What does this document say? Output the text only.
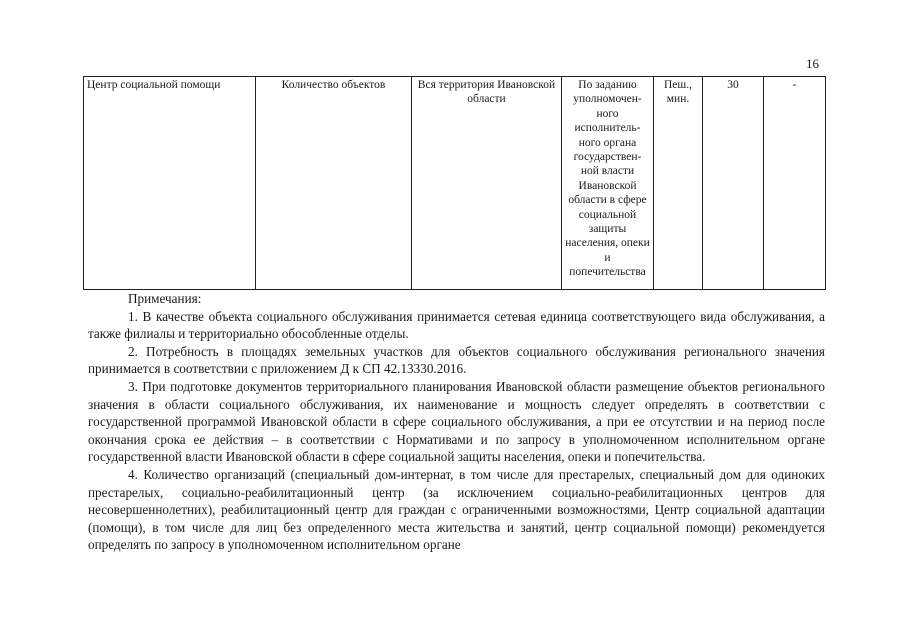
16
Центр социальной помощи	Количество объектов	Вся территория Ивановской области	По заданию уполномочен-ного исполнитель-ного органа государствен-ной власти Ивановской области в сфере социальной защиты населения, опеки и попечительства	Пеш., мин.	30	-
Примечания:

1. В качестве объекта социального обслуживания принимается сетевая единица соответствующего вида обслуживания, а также филиалы и территориально обособленные отделы.

2. Потребность в площадях земельных участков для объектов социального обслуживания регионального значения принимается в соответствии с приложением Д к СП 42.13330.2016.

3. При подготовке документов территориального планирования Ивановской области размещение объектов регионального значения в области социального обслуживания, их наименование и мощность следует определять в соответствии с государственной программой Ивановской области в сфере социального обслуживания, а при ее отсутствии и на период после окончания срока ее действия – в соответствии с Нормативами и по запросу в уполномоченном исполнительном органе государственной власти Ивановской области в сфере социальной защиты населения, опеки и попечительства.

4. Количество организаций (специальный дом-интернат, в том числе для престарелых, специальный дом для одиноких престарелых, социально-реабилитационный центр (за исключением социально-реабилитационных центров для несовершеннолетних), реабилитационный центр для граждан с ограниченными возможностями, Центр социальной адаптации (помощи), в том числе для лиц без определенного места жительства и занятий, центр социальной помощи) рекомендуется определять по запросу в уполномоченном исполнительном органе
